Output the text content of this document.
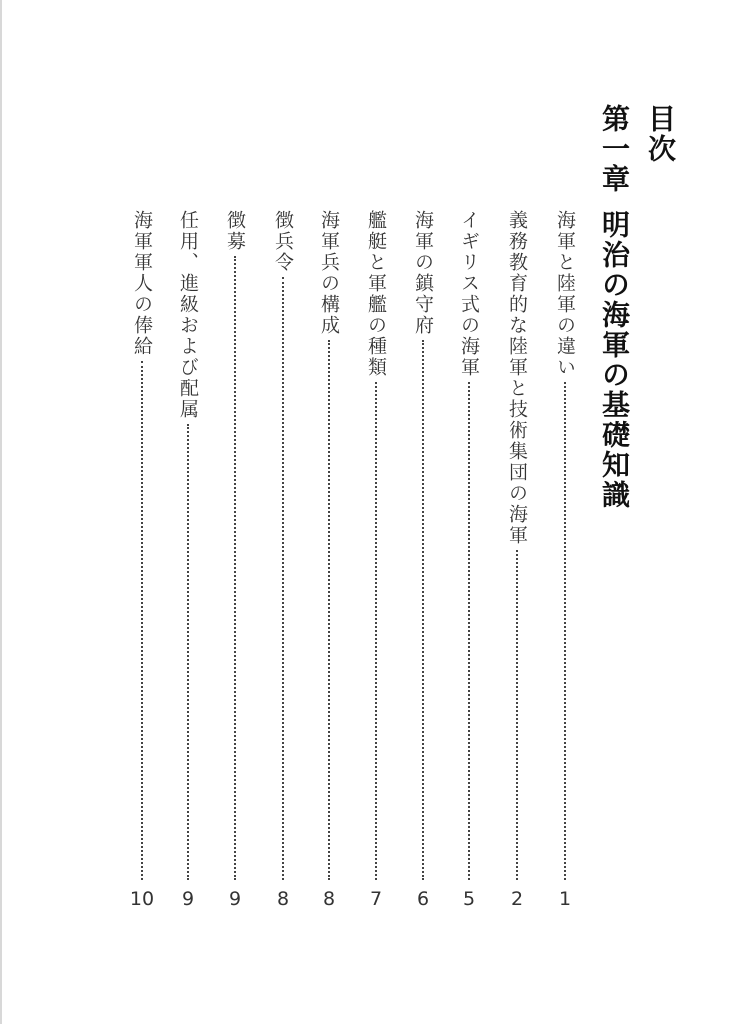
目次
第一章
明治の海軍の基礎知識
海軍と陸軍の違い
1
義務教育的な陸軍と技術集団の海軍
2
イギリス式の海軍
5
海軍の鎮守府
6
艦艇と軍艦の種類
7
海軍兵の構成
8
徴兵令
8
徴募
9
任用、進級および配属
9
海軍軍人の俸給
10
